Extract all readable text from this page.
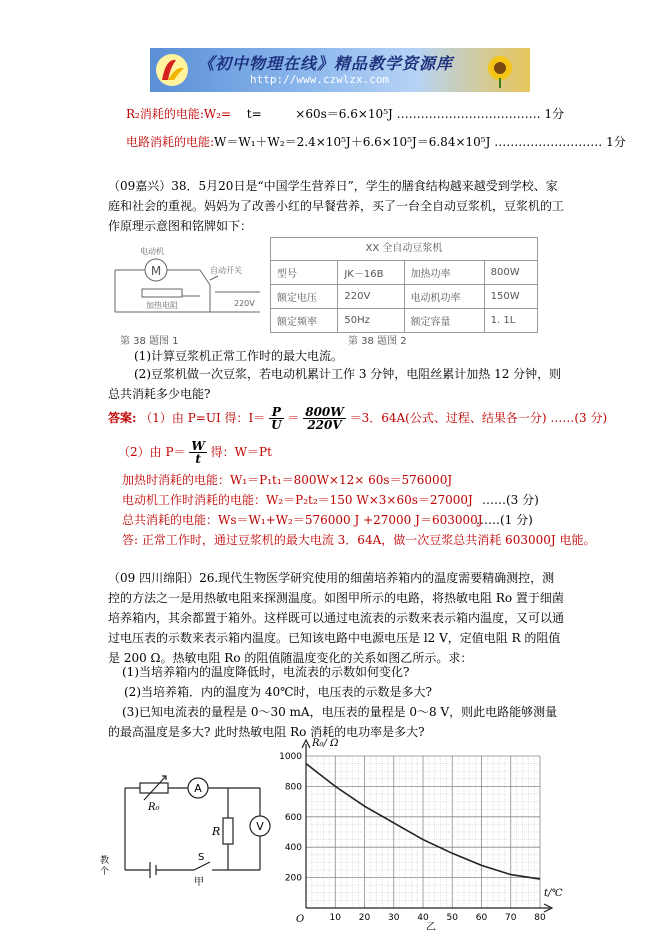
《初中物理在线》精品教学资源库
http://www.czwlzx.com
R₂消耗的电能:W₂= t=	×60s＝6.6×10⁵J ……………………………… 1分
电路消耗的电能:W＝W₁＋W₂＝2.4×10⁵J＋6.6×10⁵J＝6.84×10⁵J ……………………… 1分
（09嘉兴）38．5月20日是“中国学生营养日”，学生的膳食结构越来越受到学校、家庭和社会的重视。妈妈为了改善小红的早餐营养，买了一台全自动豆浆机，豆浆机的工作原理示意图和铭牌如下：
M
电动机
自动开关
加热电阻	220V
第 38 题图 1
XX 全自动豆浆机
型号	JK－16B	加热功率	800W
额定电压	220V	电动机功率	150W
额定频率	50Hz	额定容量	1. 1L
第 38 题图 2
(1)计算豆浆机正常工作时的最大电流。
(2)豆浆机做一次豆浆，若电动机累计工作 3 分钟，电阻丝累计加热 12 分钟，则总共消耗多少电能?
答案: （1）由 P=UI 得：$I= \frac{P}{U} = \frac{800W}{220V} =3$．64A(公式、过程、结果各一分) ……(3 分)
（2）由 $P= \frac{W}{t}$ 得：W＝Pt
加热时消耗的电能：W₁＝P₁t₁＝800W×12× 60s＝576000J
电动机工作时消耗的电能：W₂＝P₂t₂＝150 W×3×60s＝27000J ……(3 分)
总共消耗的电能：Ws＝W₁+W₂＝576000 J +27000 J＝603000J
……(1 分)
答: 正常工作时，通过豆浆机的最大电流 3．64A，做一次豆浆总共消耗 603000J 电能。
（09 四川绵阳）26.现代生物医学研究使用的细菌培养箱内的温度需要精确测控，测控的方法之一是用热敏电阻来探测温度。如图甲所示的电路，将热敏电阻 Ro 置于细菌培养箱内，其余都置于箱外。这样既可以通过电流表的示数来表示箱内温度，又可以通过电压表的示数来表示箱内温度。已知该电路中电源电压是 l2 V，定值电阻 R 的阻值是 200 Ω。热敏电阻 Ro 的阻值随温度变化的关系如图乙所示。求：
(1)当培养箱内的温度降低时，电流表的示数如何变化?
(2)当培养箱．内的温度为 40℃时，电压表的示数是多大?
(3)已知电流表的量程是 0～30 mA，电压表的量程是 0～8 V，则此电路能够测量的最高温度是多大? 此时热敏电阻 Ro 消耗的电功率是多大?
A
V
R₀
R
S
甲
教个
200
400
600
800
1000
10 20 30 40 50 60 70 80
R₀/ Ω
t/℃
O
乙
